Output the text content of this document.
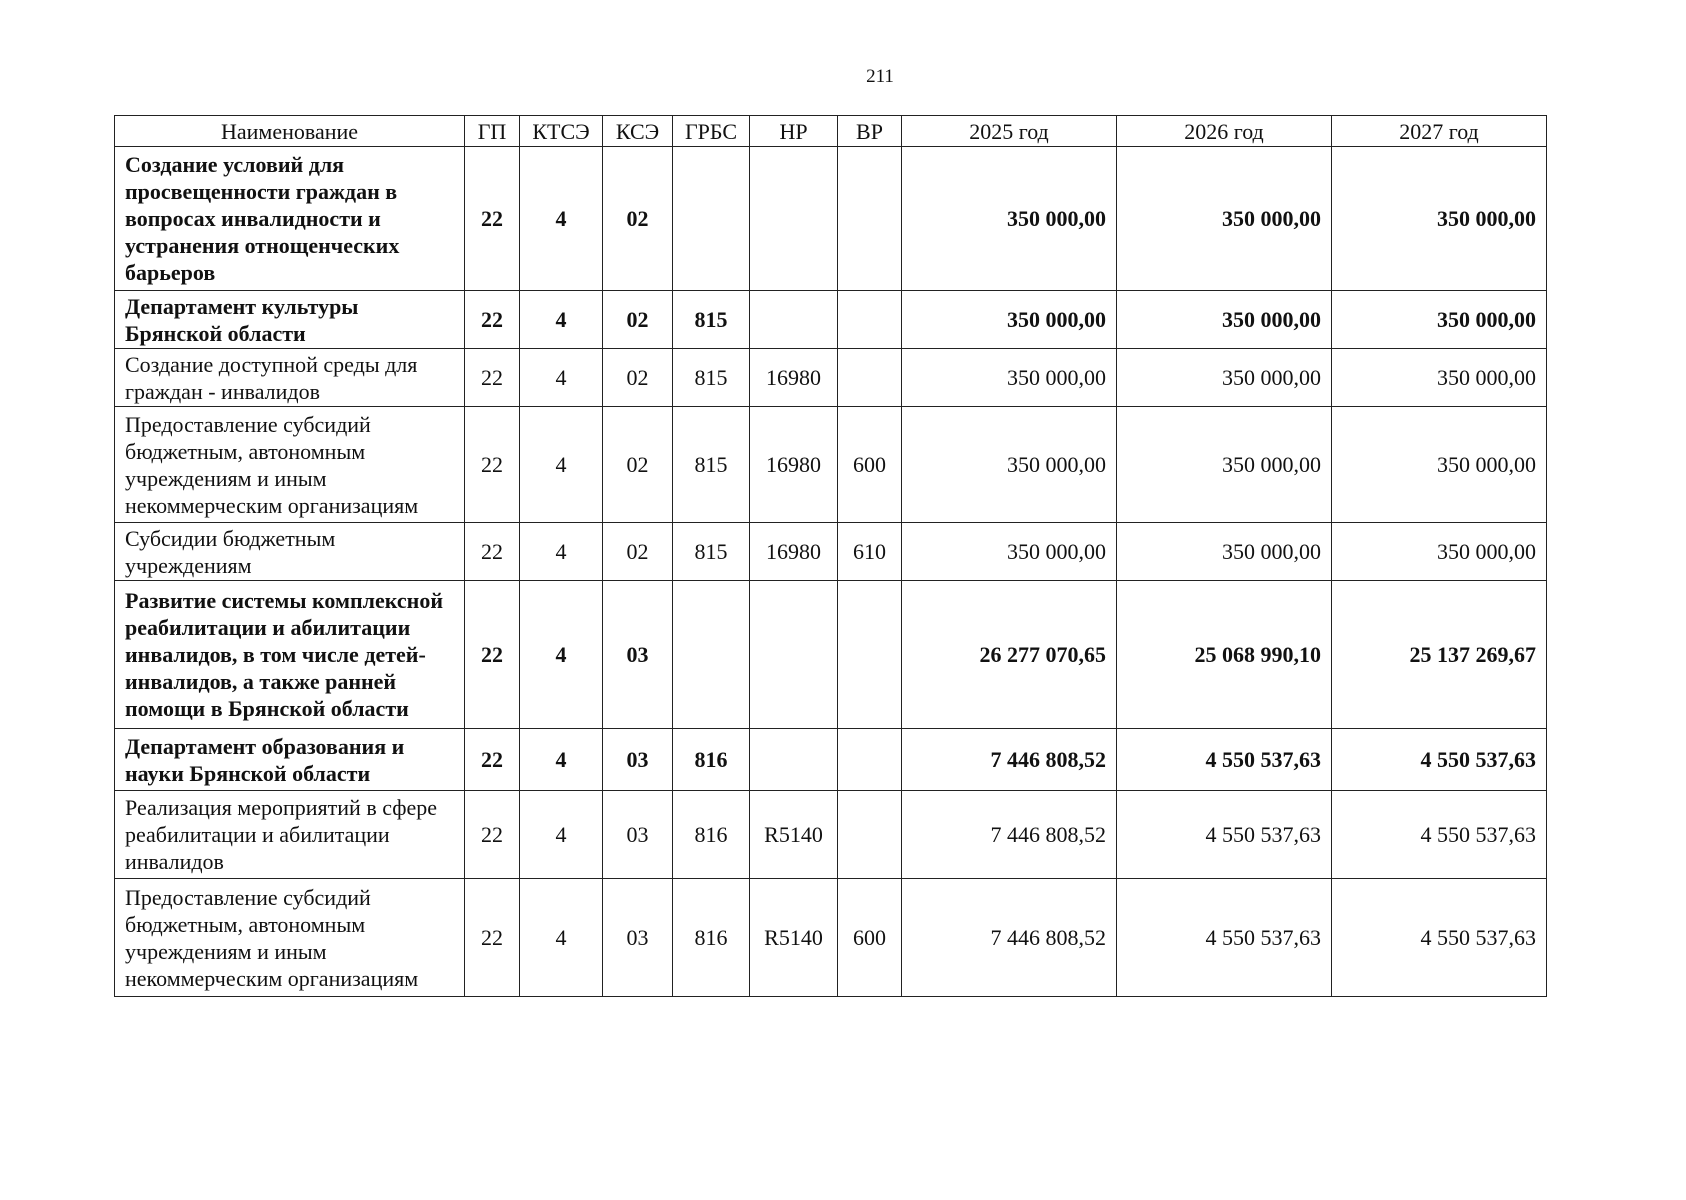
211
Наименование	ГП	КТСЭ	КСЭ	ГРБС	НР	ВР	2025 год	2026 год	2027 год
Создание условий для просвещенности граждан в вопросах инвалидности и устранения отнощенческих барьеров	22	4	02				350 000,00	350 000,00	350 000,00
Департамент культуры Брянской области	22	4	02	815			350 000,00	350 000,00	350 000,00
Создание доступной среды для граждан - инвалидов	22	4	02	815	16980		350 000,00	350 000,00	350 000,00
Предоставление субсидий бюджетным, автономным учреждениям и иным некоммерческим организациям	22	4	02	815	16980	600	350 000,00	350 000,00	350 000,00
Субсидии бюджетным учреждениям	22	4	02	815	16980	610	350 000,00	350 000,00	350 000,00
Развитие системы комплексной реабилитации и абилитации инвалидов, в том числе детей-инвалидов, а также ранней помощи в Брянской области	22	4	03				26 277 070,65	25 068 990,10	25 137 269,67
Департамент образования и науки Брянской области	22	4	03	816			7 446 808,52	4 550 537,63	4 550 537,63
Реализация мероприятий в сфере реабилитации и абилитации инвалидов	22	4	03	816	R5140		7 446 808,52	4 550 537,63	4 550 537,63
Предоставление субсидий бюджетным, автономным учреждениям и иным некоммерческим организациям	22	4	03	816	R5140	600	7 446 808,52	4 550 537,63	4 550 537,63
